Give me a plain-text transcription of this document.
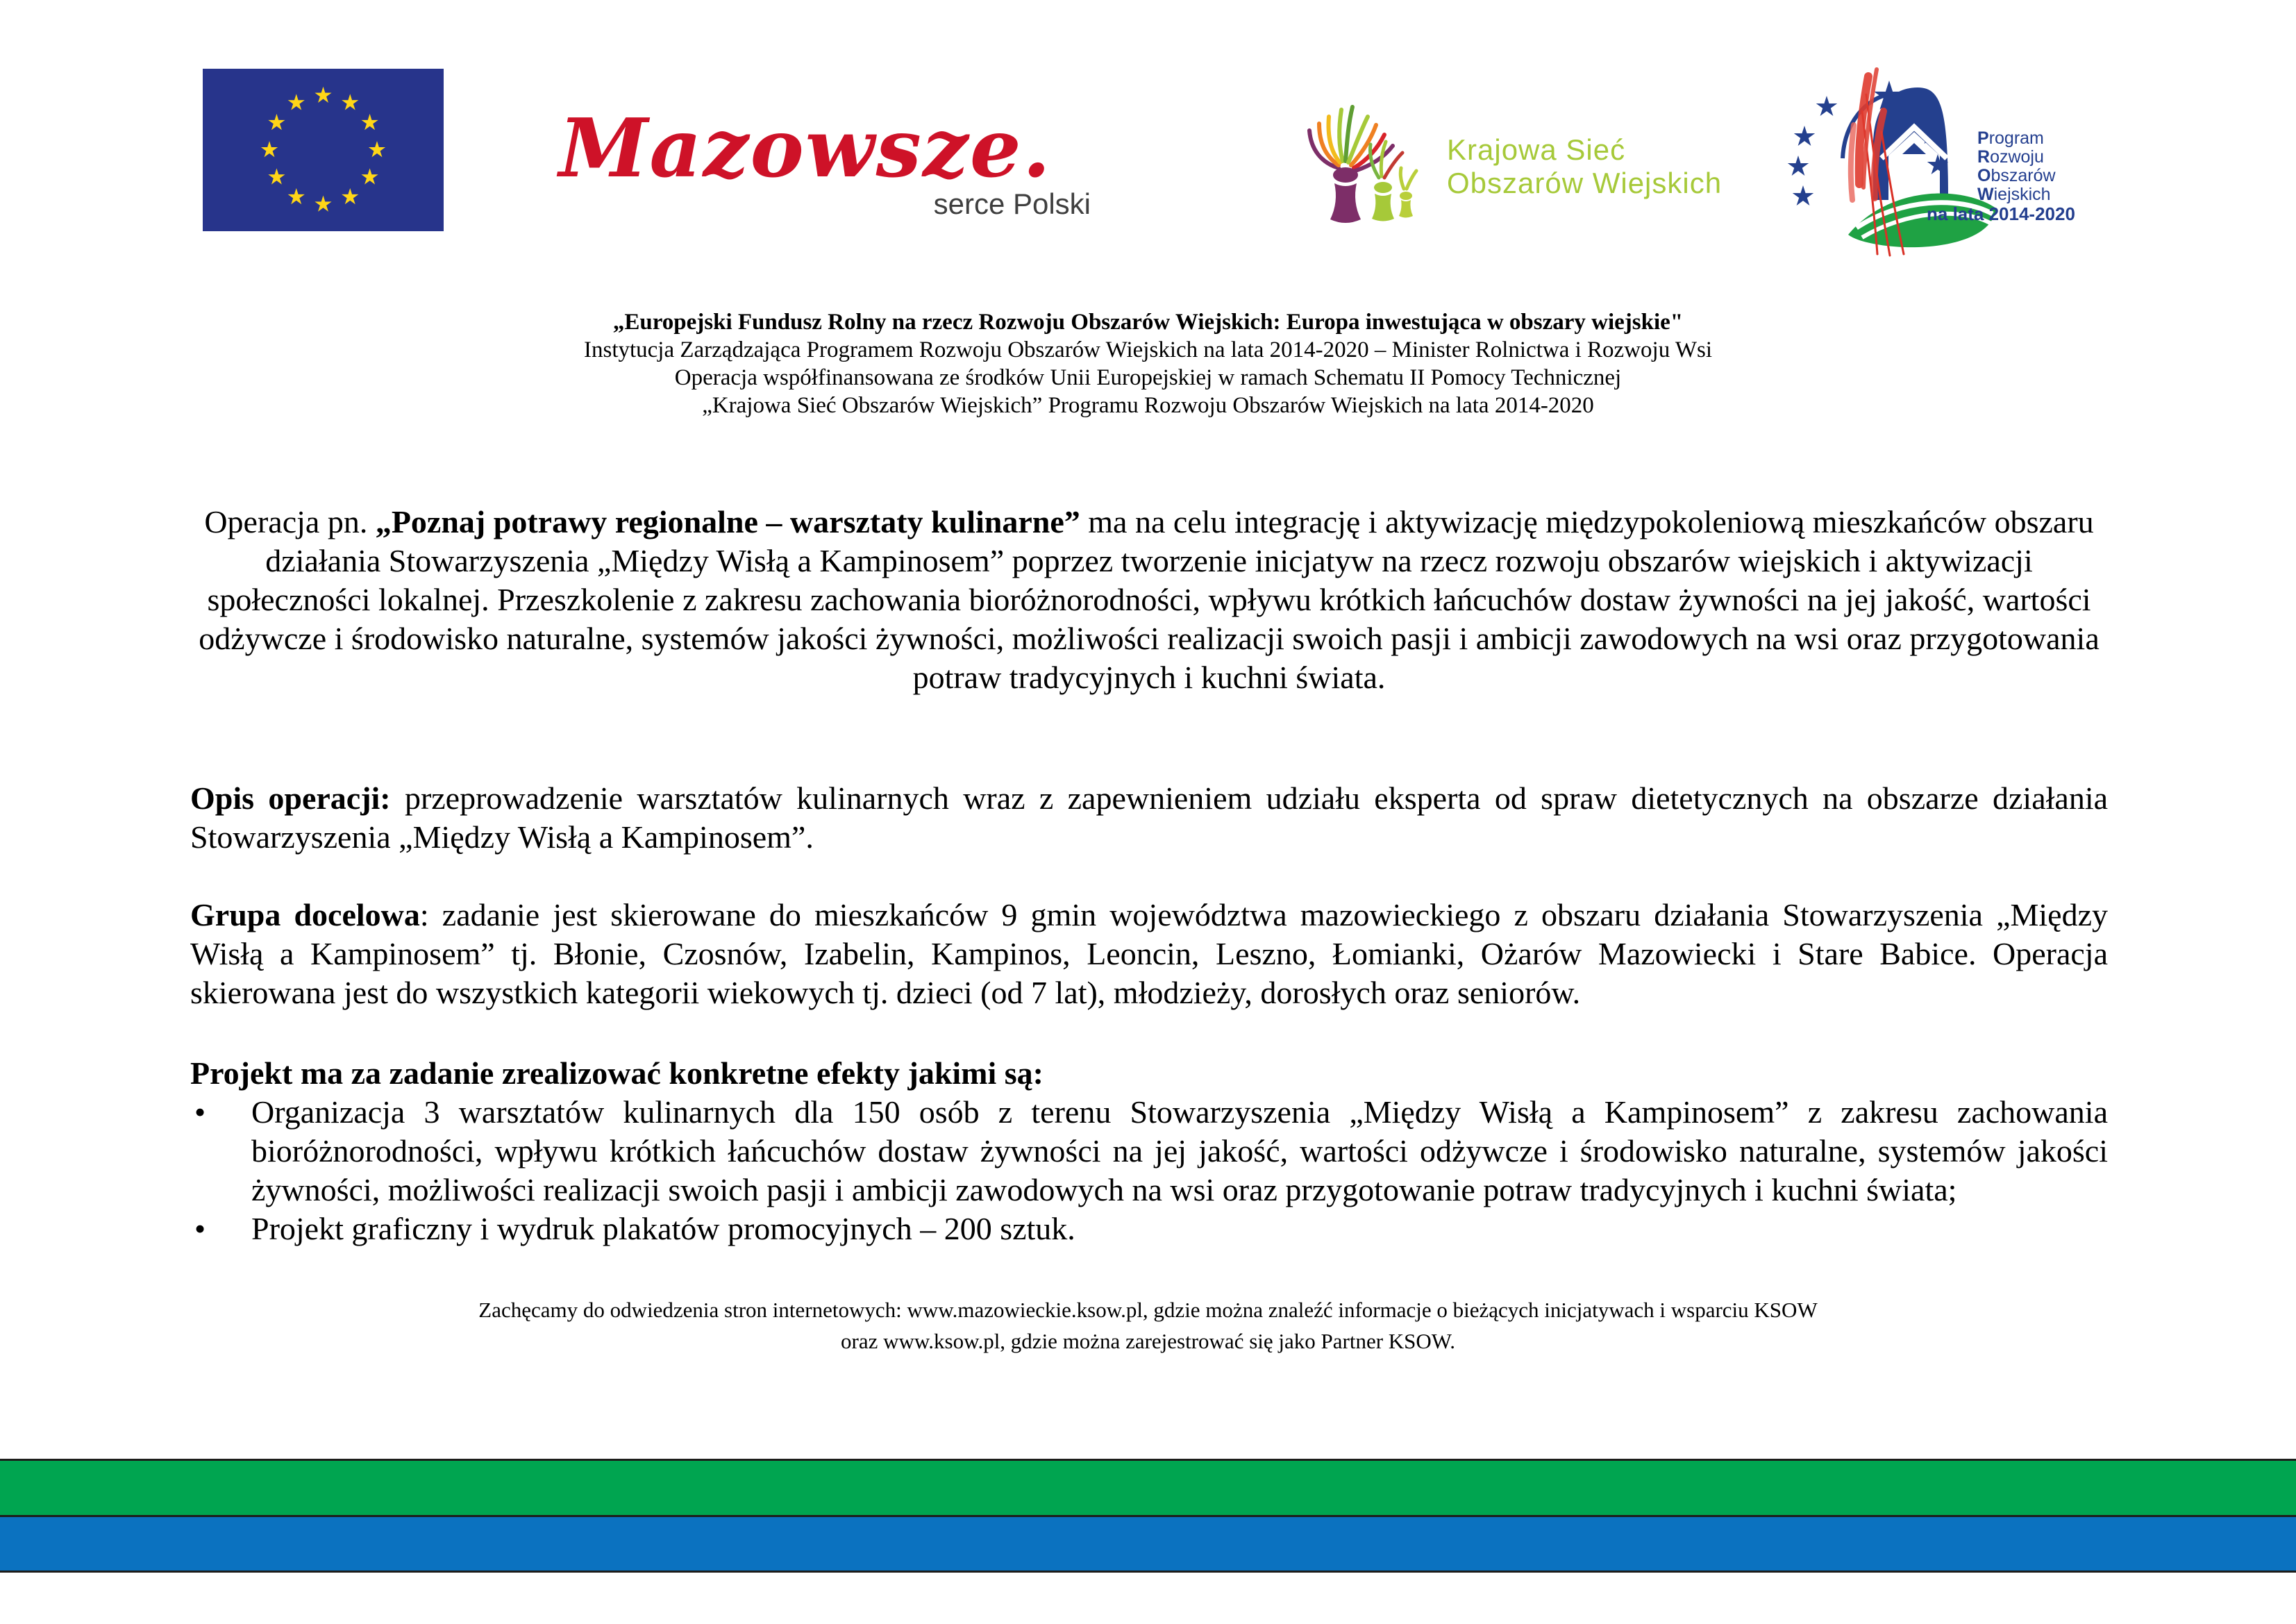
Mazowsze.
serce Polski
Krajowa Sieć
Obszarów Wiejskich
Program
Rozwoju
Obszarów
Wiejskich
na lata 2014-2020
„Europejski Fundusz Rolny na rzecz Rozwoju Obszarów Wiejskich: Europa inwestująca w obszary wiejskie"
Instytucja Zarządzająca Programem Rozwoju Obszarów Wiejskich na lata 2014-2020 – Minister Rolnictwa i Rozwoju Wsi
Operacja współfinansowana ze środków Unii Europejskiej w ramach Schematu II Pomocy Technicznej
„Krajowa Sieć Obszarów Wiejskich” Programu Rozwoju Obszarów Wiejskich na lata 2014-2020
Operacja pn. „Poznaj potrawy regionalne – warsztaty kulinarne” ma na celu integrację i aktywizację międzypokoleniową mieszkańców obszaru działania Stowarzyszenia „Między Wisłą a Kampinosem” poprzez tworzenie inicjatyw na rzecz rozwoju obszarów wiejskich i aktywizacji społeczności lokalnej. Przeszkolenie z zakresu zachowania bioróżnorodności, wpływu krótkich łańcuchów dostaw żywności na jej jakość, wartości odżywcze i środowisko naturalne, systemów jakości żywności, możliwości realizacji swoich pasji i ambicji zawodowych na wsi oraz przygotowania potraw tradycyjnych i kuchni świata.
Opis operacji: przeprowadzenie warsztatów kulinarnych wraz z zapewnieniem udziału eksperta od spraw dietetycznych na obszarze działania Stowarzyszenia „Między Wisłą a Kampinosem”.
Grupa docelowa: zadanie jest skierowane do mieszkańców 9 gmin województwa mazowieckiego z obszaru działania Stowarzyszenia „Między Wisłą a Kampinosem” tj. Błonie, Czosnów, Izabelin, Kampinos, Leoncin, Leszno, Łomianki, Ożarów Mazowiecki i Stare Babice. Operacja skierowana jest do wszystkich kategorii wiekowych tj. dzieci (od 7 lat), młodzieży, dorosłych oraz seniorów.
Projekt ma za zadanie zrealizować konkretne efekty jakimi są:
• Organizacja 3 warsztatów kulinarnych dla 150 osób z terenu Stowarzyszenia „Między Wisłą a Kampinosem” z zakresu zachowania bioróżnorodności, wpływu krótkich łańcuchów dostaw żywności na jej jakość, wartości odżywcze i środowisko naturalne, systemów jakości żywności, możliwości realizacji swoich pasji i ambicji zawodowych na wsi oraz przygotowanie potraw tradycyjnych i kuchni świata;
• Projekt graficzny i wydruk plakatów promocyjnych – 200 sztuk.
Zachęcamy do odwiedzenia stron internetowych: www.mazowieckie.ksow.pl, gdzie można znaleźć informacje o bieżących inicjatywach i wsparciu KSOW
oraz www.ksow.pl, gdzie można zarejestrować się jako Partner KSOW.
